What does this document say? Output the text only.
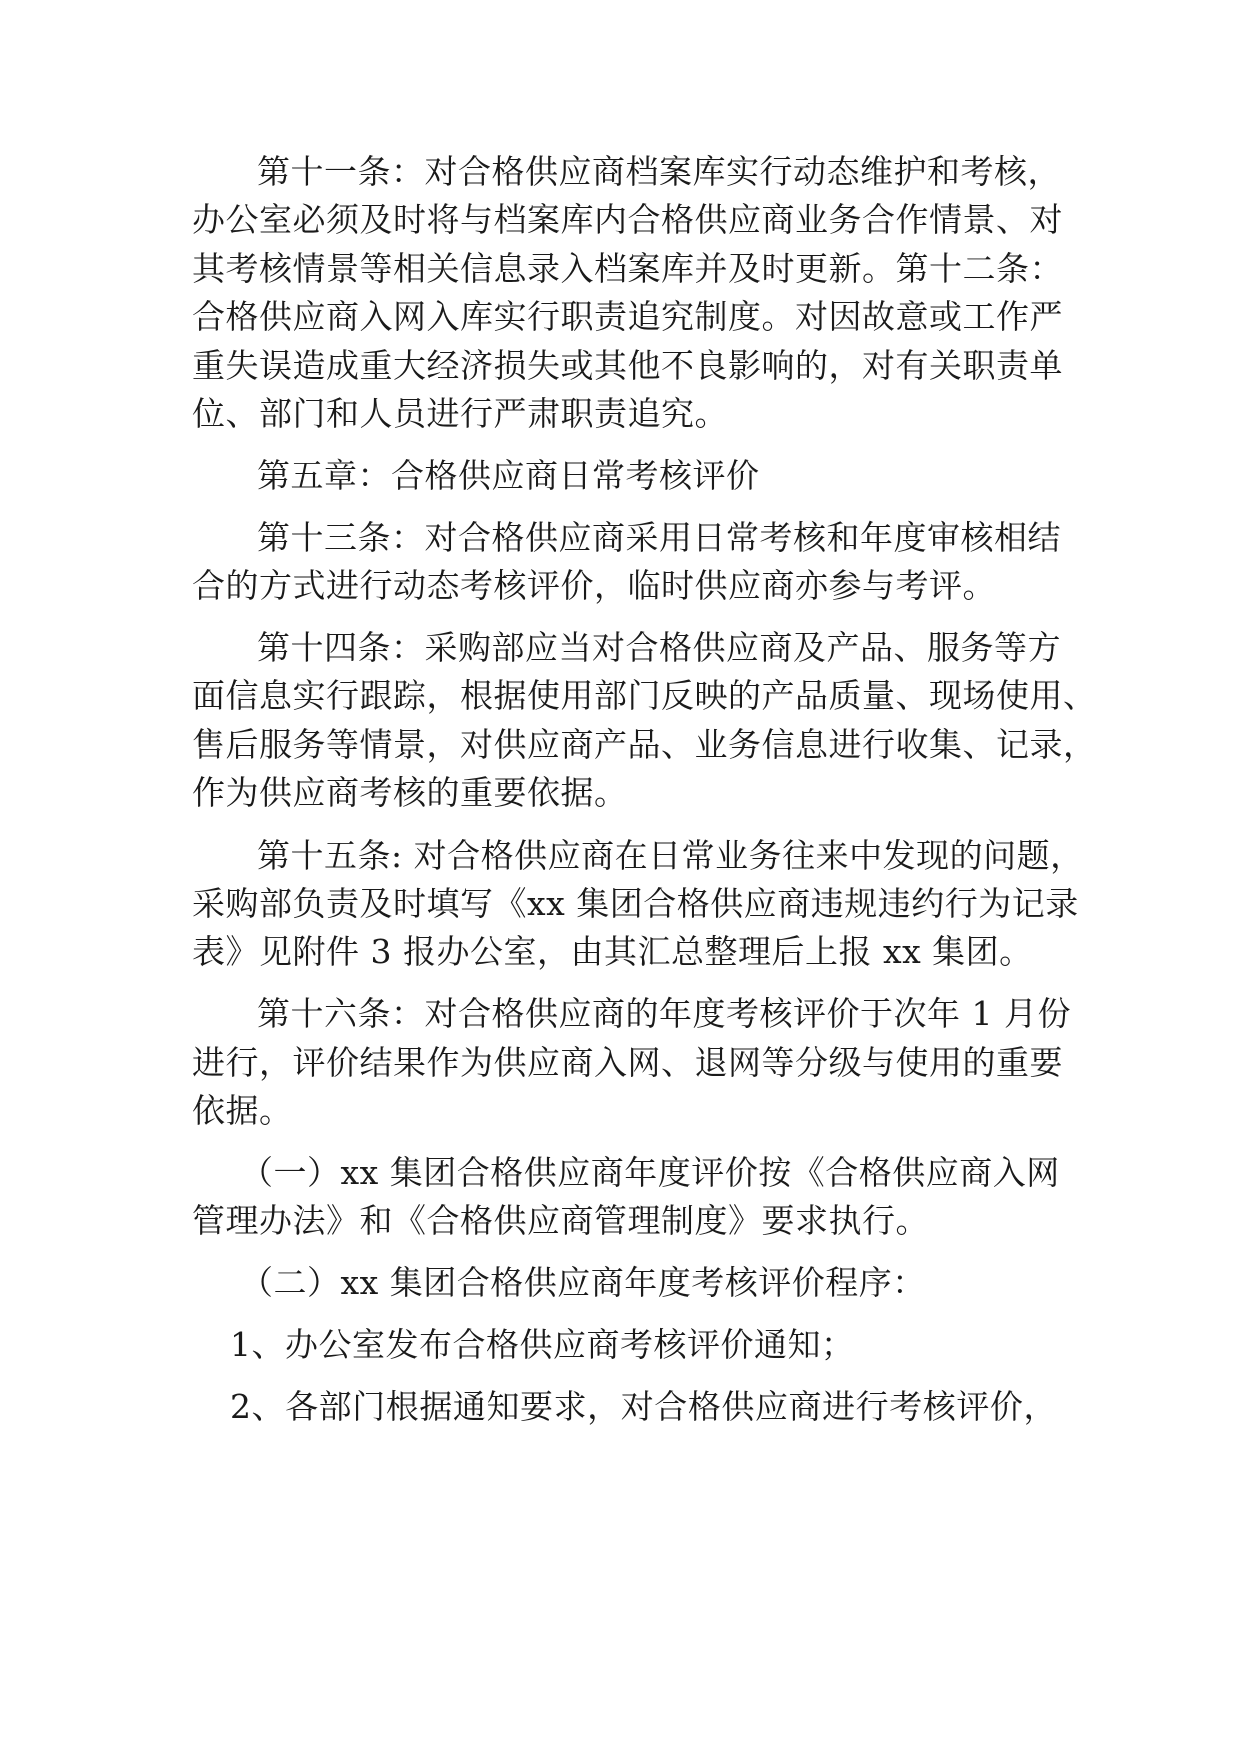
第十一条：对合格供应商档案库实行动态维护和考核，
办公室必须及时将与档案库内合格供应商业务合作情景、对
其考核情景等相关信息录入档案库并及时更新。第十二条：
合格供应商入网入库实行职责追究制度。对因故意或工作严
重失误造成重大经济损失或其他不良影响的，对有关职责单
位、部门和人员进行严肃职责追究。
第五章：合格供应商日常考核评价
第十三条：对合格供应商采用日常考核和年度审核相结
合的方式进行动态考核评价，临时供应商亦参与考评。
第十四条：采购部应当对合格供应商及产品、服务等方
面信息实行跟踪，根据使用部门反映的产品质量、现场使用、
售后服务等情景，对供应商产品、业务信息进行收集、记录，
作为供应商考核的重要依据。
第十五条: 对合格供应商在日常业务往来中发现的问题，
采购部负责及时填写《xx 集团合格供应商违规违约行为记录
表》见附件 3 报办公室，由其汇总整理后上报 xx 集团。
第十六条：对合格供应商的年度考核评价于次年 1 月份
进行，评价结果作为供应商入网、退网等分级与使用的重要
依据。
（一）xx 集团合格供应商年度评价按《合格供应商入网
管理办法》和《合格供应商管理制度》要求执行。
（二）xx 集团合格供应商年度考核评价程序：
1、办公室发布合格供应商考核评价通知；
2、各部门根据通知要求，对合格供应商进行考核评价，
